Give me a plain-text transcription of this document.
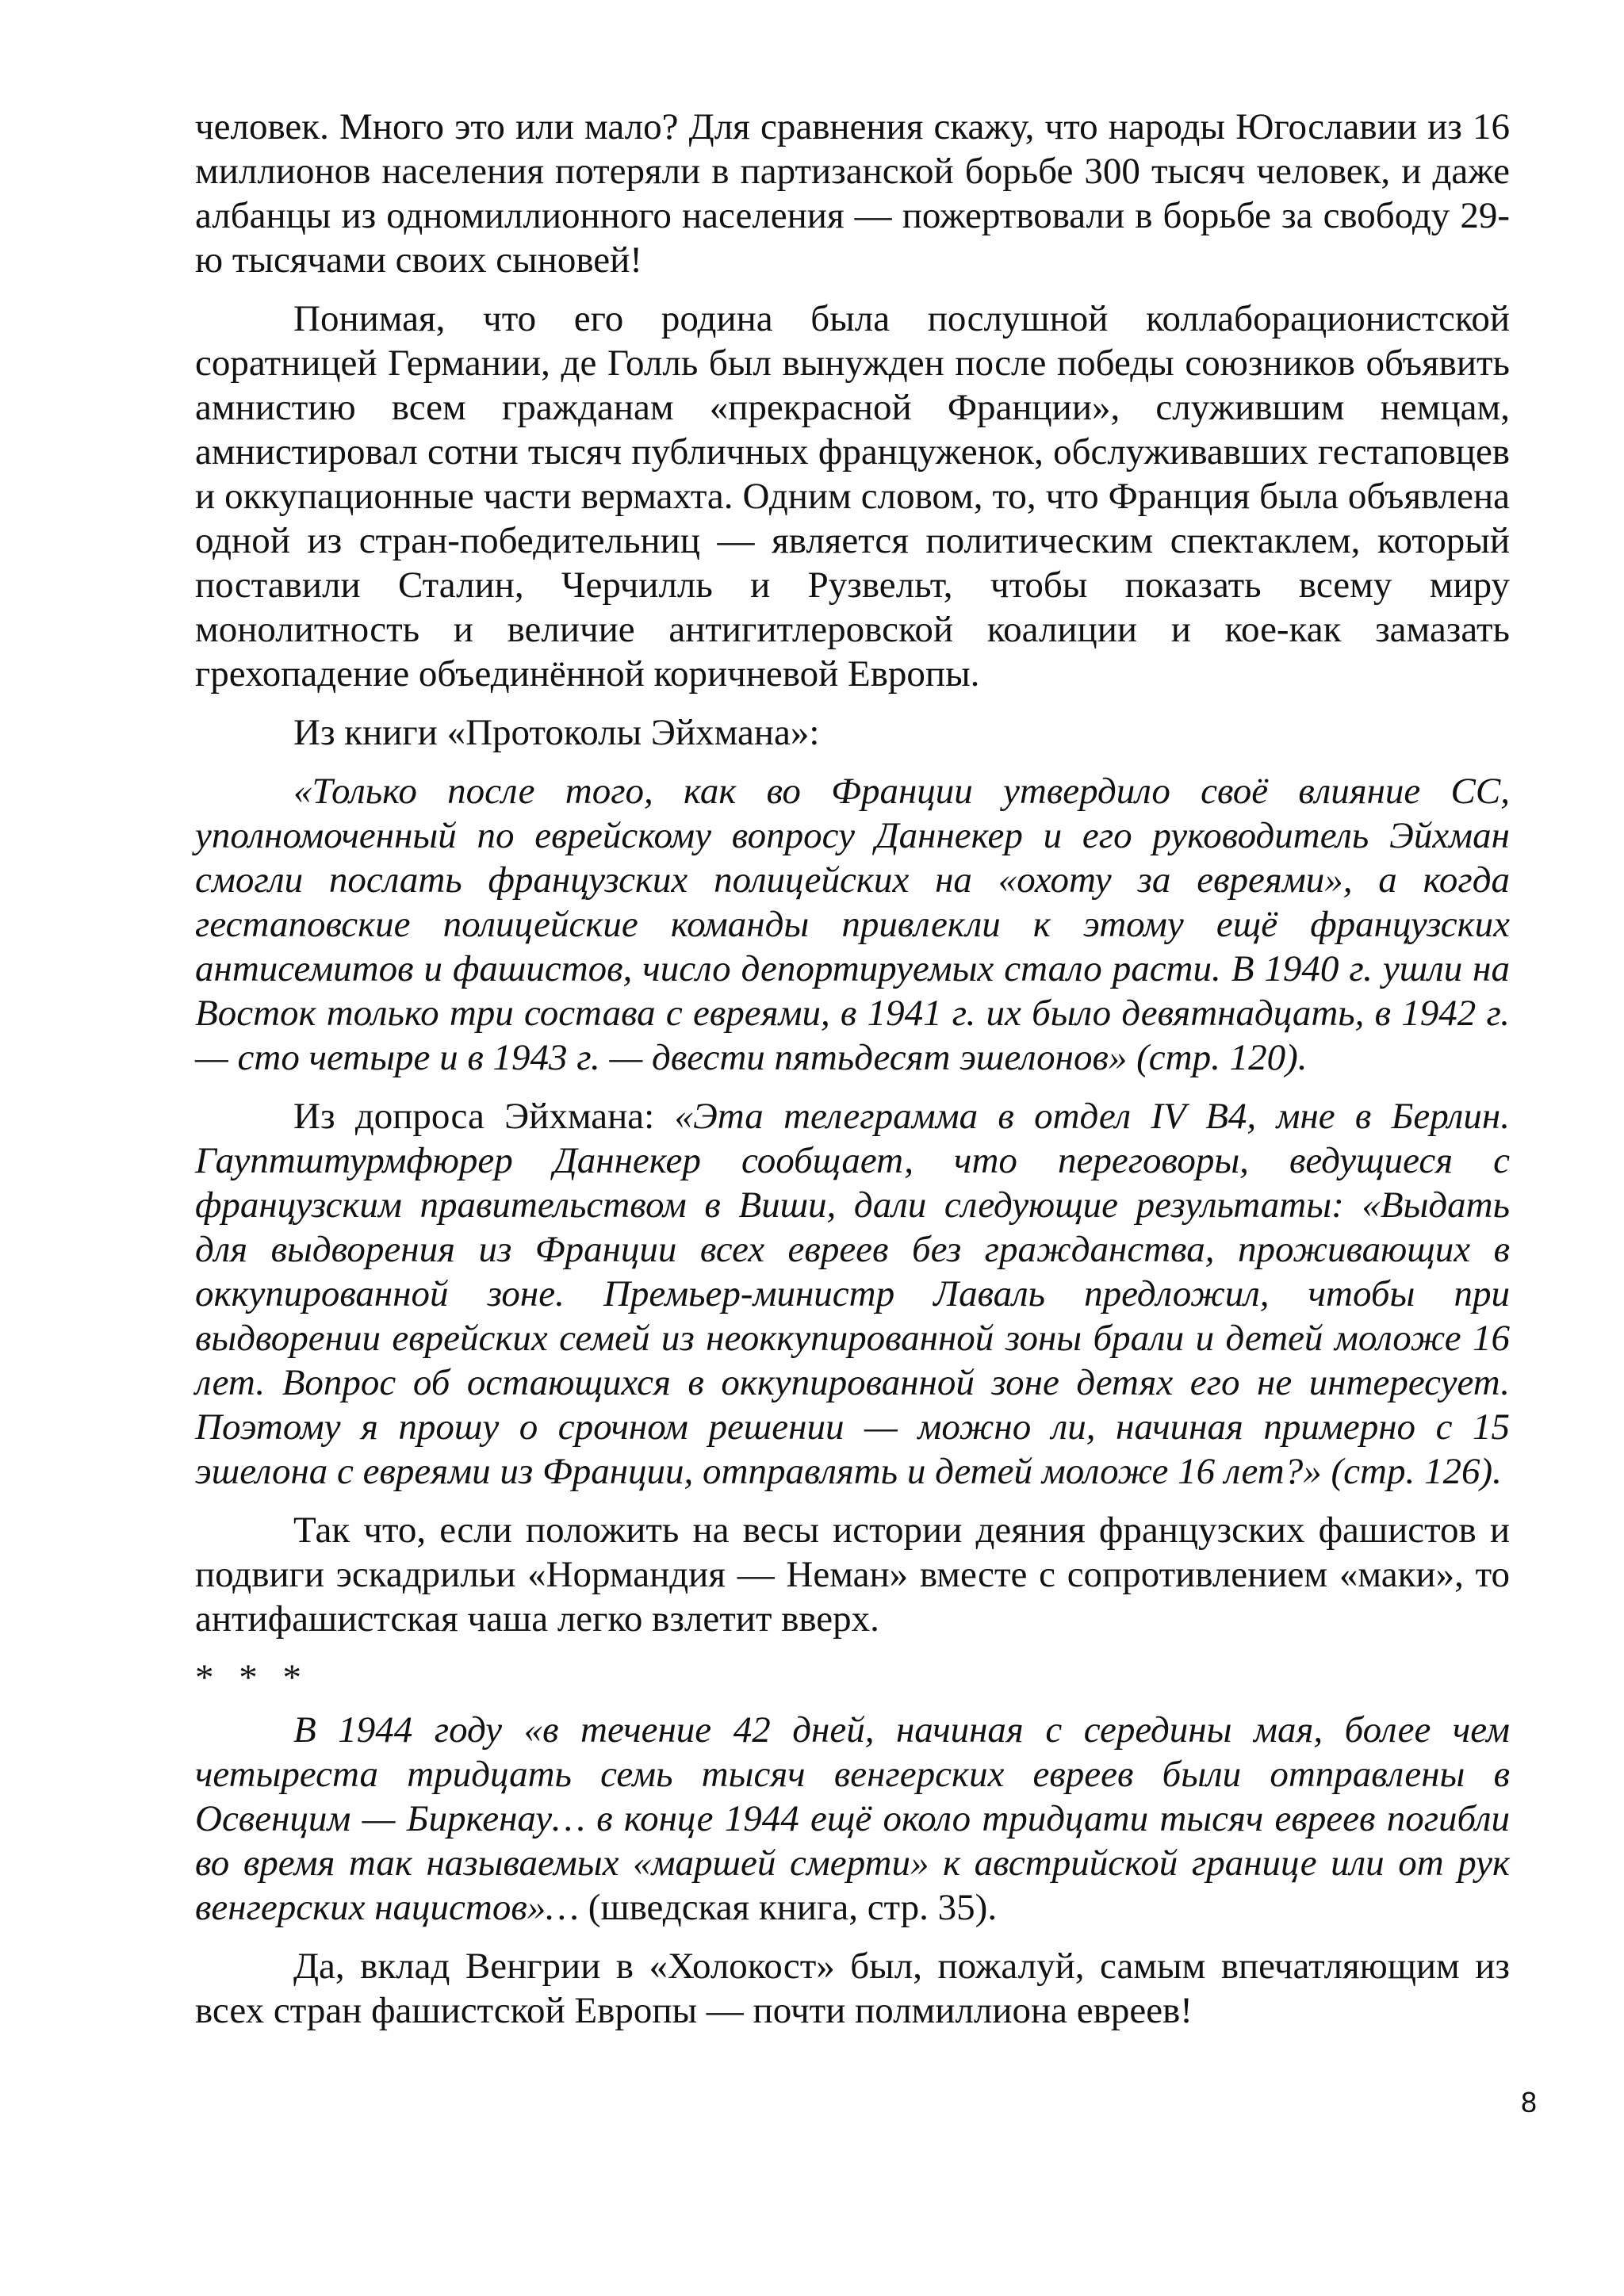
человек. Много это или мало? Для сравнения скажу, что народы Югославии из 16 миллионов населения потеряли в партизанской борьбе 300 тысяч человек, и даже албанцы из одномиллионного населения — пожертвовали в борьбе за свободу 29-ю тысячами своих сыновей!

Понимая, что его родина была послушной коллаборационистской соратницей Германии, де Голль был вынужден после победы союзников объявить амнистию всем гражданам «прекрасной Франции», служившим немцам, амнистировал сотни тысяч публичных француженок, обслуживавших гестаповцев и оккупационные части вермахта. Одним словом, то, что Франция была объявлена одной из стран-победительниц — является политическим спектаклем, который поставили Сталин, Черчилль и Рузвельт, чтобы показать всему миру монолитность и величие антигитлеровской коалиции и кое-как замазать грехопадение объединённой коричневой Европы.

Из книги «Протоколы Эйхмана»:

«Только после того, как во Франции утвердило своё влияние СС, уполномоченный по еврейскому вопросу Даннекер и его руководитель Эйхман смогли послать французских полицейских на «охоту за евреями», а когда гестаповские полицейские команды привлекли к этому ещё французских антисемитов и фашистов, число депортируемых стало расти. В 1940 г. ушли на Восток только три состава с евреями, в 1941 г. их было девятнадцать, в 1942 г. — сто четыре и в 1943 г. — двести пятьдесят эшелонов» (стр. 120).

Из допроса Эйхмана: «Эта телеграмма в отдел IV B4, мне в Берлин. Гауптштурмфюрер Даннекер сообщает, что переговоры, ведущиеся с французским правительством в Виши, дали следующие результаты: «Выдать для выдворения из Франции всех евреев без гражданства, проживающих в оккупированной зоне. Премьер-министр Лаваль предложил, чтобы при выдворении еврейских семей из неоккупированной зоны брали и детей моложе 16 лет. Вопрос об остающихся в оккупированной зоне детях его не интересует. Поэтому я прошу о срочном решении — можно ли, начиная примерно с 15 эшелона с евреями из Франции, отправлять и детей моложе 16 лет?» (стр. 126).

Так что, если положить на весы истории деяния французских фашистов и подвиги эскадрильи «Нормандия — Неман» вместе с сопротивлением «маки», то антифашистская чаша легко взлетит вверх.

* * *

В 1944 году «в течение 42 дней, начиная с середины мая, более чем четыреста тридцать семь тысяч венгерских евреев были отправлены в Освенцим — Биркенау… в конце 1944 ещё около тридцати тысяч евреев погибли во время так называемых «маршей смерти» к австрийской границе или от рук венгерских нацистов»… (шведская книга, стр. 35).

Да, вклад Венгрии в «Холокост» был, пожалуй, самым впечатляющим из всех стран фашистской Европы — почти полмиллиона евреев!

8
